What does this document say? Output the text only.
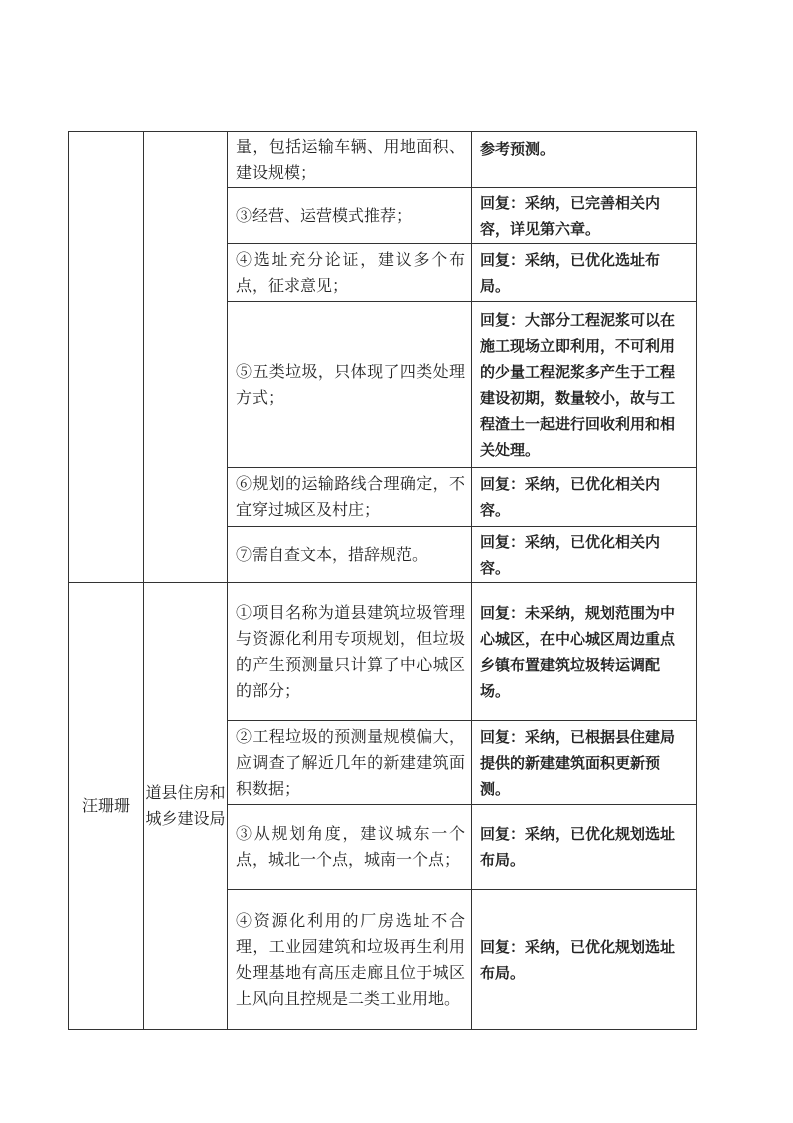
		量，包括运输车辆、用地面积、建设规模；	参考预测。

		③经营、运营模式推荐；	回复：采纳，已完善相关内容，详见第六章。

		④选址充分论证，建议多个布点，征求意见；	回复：采纳，已优化选址布局。

		⑤五类垃圾，只体现了四类处理方式；	回复：大部分工程泥浆可以在施工现场立即利用，不可利用的少量工程泥浆多产生于工程建设初期，数量较小，故与工程渣土一起进行回收利用和相关处理。

		⑥规划的运输路线合理确定，不宜穿过城区及村庄；	回复：采纳，已优化相关内容。

		⑦需自查文本，措辞规范。	回复：采纳，已优化相关内容。

汪珊珊	道县住房和城乡建设局	①项目名称为道县建筑垃圾管理与资源化利用专项规划，但垃圾的产生预测量只计算了中心城区的部分；	回复：未采纳，规划范围为中心城区，在中心城区周边重点乡镇布置建筑垃圾转运调配场。

		②工程垃圾的预测量规模偏大，应调查了解近几年的新建建筑面积数据；	回复：采纳，已根据县住建局提供的新建建筑面积更新预测。

		③从规划角度，建议城东一个点，城北一个点，城南一个点；	回复：采纳，已优化规划选址布局。

		④资源化利用的厂房选址不合理，工业园建筑和垃圾再生利用处理基地有高压走廊且位于城区上风向且控规是二类工业用地。	回复：采纳，已优化规划选址布局。
